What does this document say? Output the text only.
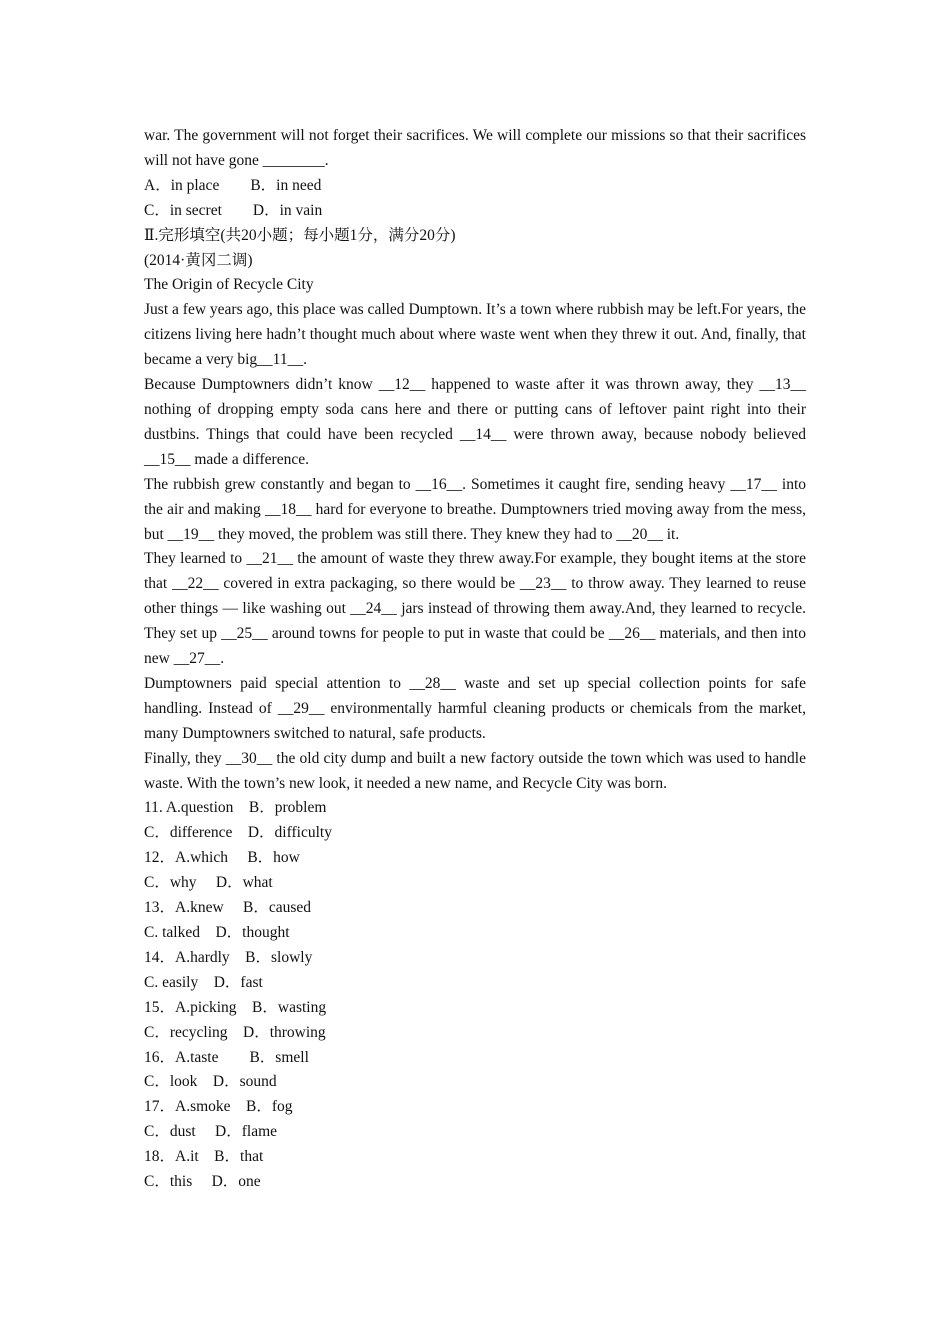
war. The government will not forget their sacrifices. We will complete our missions so that their sacrifices will not have gone ________.
A．in place　　B．in need
C．in secret　　D．in vain
Ⅱ.完形填空(共20小题；每小题1分，满分20分)
(2014·黄冈二调)
The Origin of Recycle City
Just a few years ago, this place was called Dumptown. It’s a town where rubbish may be left.For years, the citizens living here hadn’t thought much about where waste went when they threw it out. And, finally, that became a very big__11__.
Because Dumptowners didn’t know __12__ happened to waste after it was thrown away, they __13__ nothing of dropping empty soda cans here and there or putting cans of leftover paint right into their dustbins. Things that could have been recycled __14__ were thrown away, because nobody believed __15__ made a difference.
The rubbish grew constantly and began to __16__. Sometimes it caught fire, sending heavy __17__ into the air and making __18__ hard for everyone to breathe. Dumptowners tried moving away from the mess, but __19__ they moved, the problem was still there. They knew they had to __20__ it.
They learned to __21__ the amount of waste they threw away.For example, they bought items at the store that __22__ covered in extra packaging, so there would be __23__ to throw away. They learned to reuse other things — like washing out __24__ jars instead of throwing them away.And, they learned to recycle. They set up __25__ around towns for people to put in waste that could be __26__ materials, and then into new __27__.
Dumptowners paid special attention to __28__ waste and set up special collection points for safe handling. Instead of __29__ environmentally harmful cleaning products or chemicals from the market, many Dumptowners switched to natural, safe products.
Finally, they __30__ the old city dump and built a new factory outside the town which was used to handle waste. With the town’s new look, it needed a new name, and Recycle City was born.
11. A.question　B．problem
C．difference　D．difficulty
12．A.which　 B．how
C．why　 D．what
13．A.knew　 B．caused
C. talked　D．thought
14．A.hardly　B．slowly
C. easily　D．fast
15．A.picking　B．wasting
C．recycling　D．throwing
16．A.taste　　B．smell
C．look　D．sound
17．A.smoke　B．fog
C．dust　 D．flame
18．A.it　B．that
C．this　 D．one
